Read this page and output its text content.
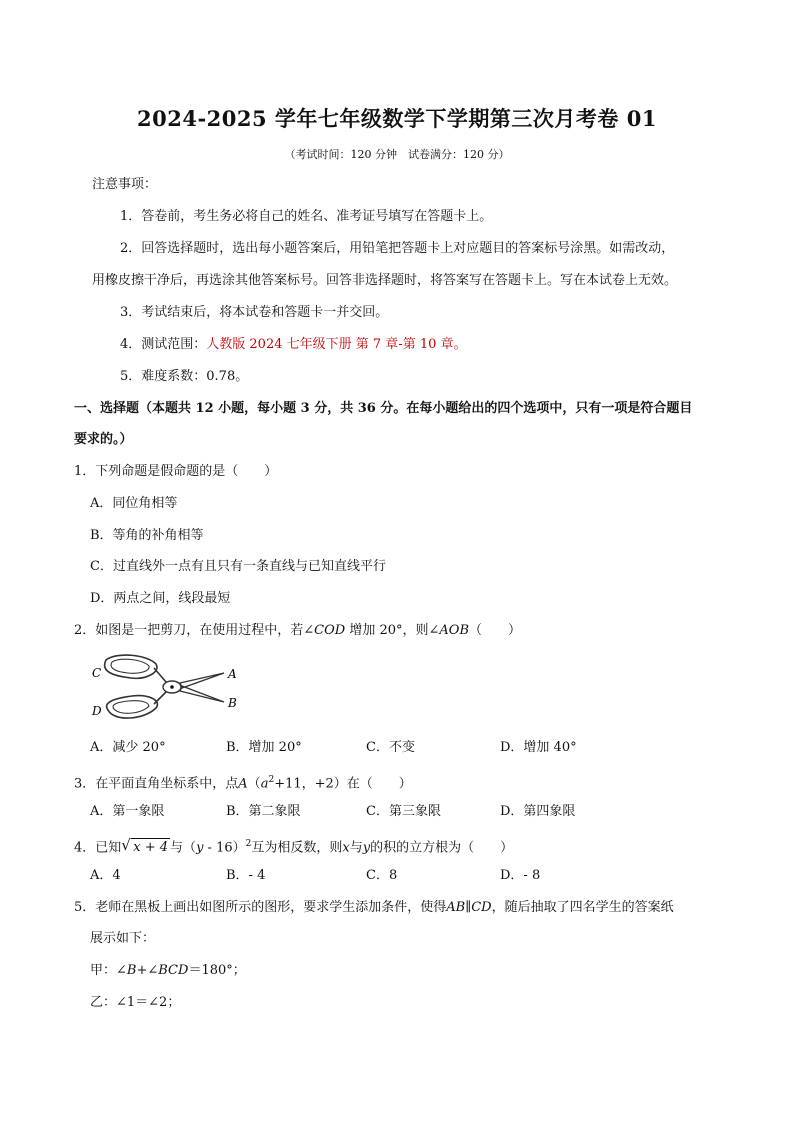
2024-2025 学年七年级数学下学期第三次月考卷 01
（考试时间：120 分钟　试卷满分：120 分）
注意事项：
1．答卷前，考生务必将自己的姓名、准考证号填写在答题卡上。
2．回答选择题时，选出每小题答案后，用铅笔把答题卡上对应题目的答案标号涂黑。如需改动，
用橡皮擦干净后，再选涂其他答案标号。回答非选择题时，将答案写在答题卡上。写在本试卷上无效。
3．考试结束后，将本试卷和答题卡一并交回。
4．测试范围：人教版 2024 七年级下册 第 7 章-第 10 章。
5．难度系数：0.78。
一、选择题（本题共 12 小题，每小题 3 分，共 36 分。在每小题给出的四个选项中，只有一项是符合题目
要求的。）
1．下列命题是假命题的是（　　）
A．同位角相等
B．等角的补角相等
C．过直线外一点有且只有一条直线与已知直线平行
D．两点之间，线段最短
2．如图是一把剪刀，在使用过程中，若∠COD 增加 20°，则∠AOB（　　）
C
D
A
B
A．减少 20°	B．增加 20°	C．不变	D．增加 40°
3．在平面直角坐标系中，点$A(a^2+11$，+2）在（　　）
A．第一象限	B．第二象限	C．第三象限	D．第四象限
4．已知 √ x + 4 与（y - 16）$^2$互为相反数，则x与y的积的立方根为（　　）
A．4	B．- 4	C．8	D．- 8
5．老师在黑板上画出如图所示的图形，要求学生添加条件，使得AB∥CD，随后抽取了四名学生的答案纸
展示如下：
甲：∠B+∠BCD＝180°；
乙：∠1＝∠2；
